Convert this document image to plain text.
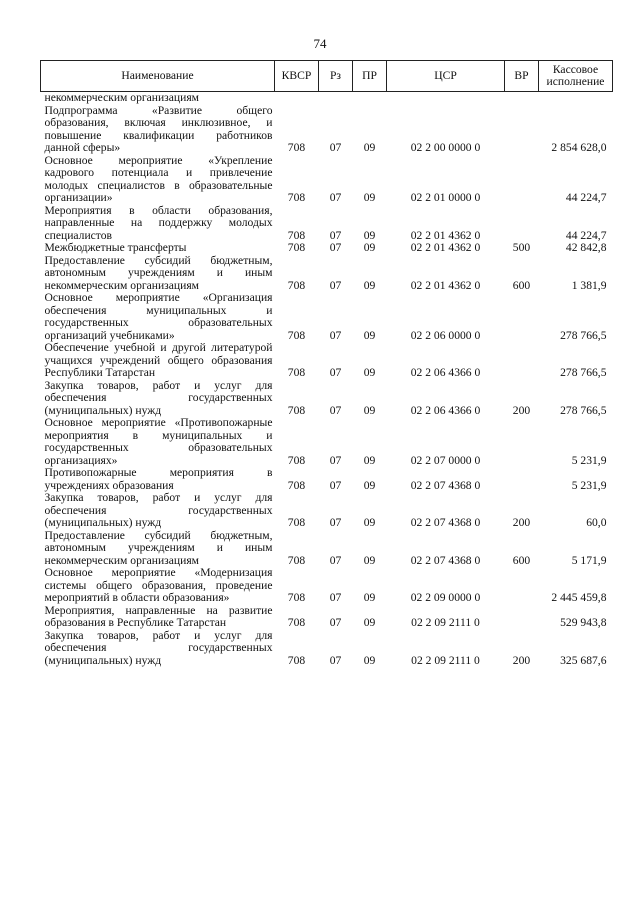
74
Наименование	КВСР	Рз	ПР	ЦСР	ВР	Кассовое исполнение
некоммерческим организациям						
Подпрограмма «Развитие общего образования, включая инклюзивное, и повышение квалификации работников данной сферы»	708	07	09	02 2 00 0000 0		2 854 628,0
Основное мероприятие «Укрепление кадрового потенциала и привлечение молодых специалистов в образовательные организации»	708	07	09	02 2 01 0000 0		44 224,7
Мероприятия в области образования, направленные на поддержку молодых специалистов	708	07	09	02 2 01 4362 0		44 224,7
Межбюджетные трансферты	708	07	09	02 2 01 4362 0	500	42 842,8
Предоставление субсидий бюджетным, автономным учреждениям и иным некоммерческим организациям	708	07	09	02 2 01 4362 0	600	1 381,9
Основное мероприятие «Организация обеспечения муниципальных и государственных образовательных организаций учебниками»	708	07	09	02 2 06 0000 0		278 766,5
Обеспечение учебной и другой литературой учащихся учреждений общего образования Республики Татарстан	708	07	09	02 2 06 4366 0		278 766,5
Закупка товаров, работ и услуг для обеспечения государственных (муниципальных) нужд	708	07	09	02 2 06 4366 0	200	278 766,5
Основное мероприятие «Противопожарные мероприятия в муниципальных и государственных образовательных организациях»	708	07	09	02 2 07 0000 0		5 231,9
Противопожарные мероприятия в учреждениях образования	708	07	09	02 2 07 4368 0		5 231,9
Закупка товаров, работ и услуг для обеспечения государственных (муниципальных) нужд	708	07	09	02 2 07 4368 0	200	60,0
Предоставление субсидий бюджетным, автономным учреждениям и иным некоммерческим организациям	708	07	09	02 2 07 4368 0	600	5 171,9
Основное мероприятие «Модернизация системы общего образования, проведение мероприятий в области образования»	708	07	09	02 2 09 0000 0		2 445 459,8
Мероприятия, направленные на развитие образования в Республике Татарстан	708	07	09	02 2 09 2111 0		529 943,8
Закупка товаров, работ и услуг для обеспечения государственных (муниципальных) нужд	708	07	09	02 2 09 2111 0	200	325 687,6
